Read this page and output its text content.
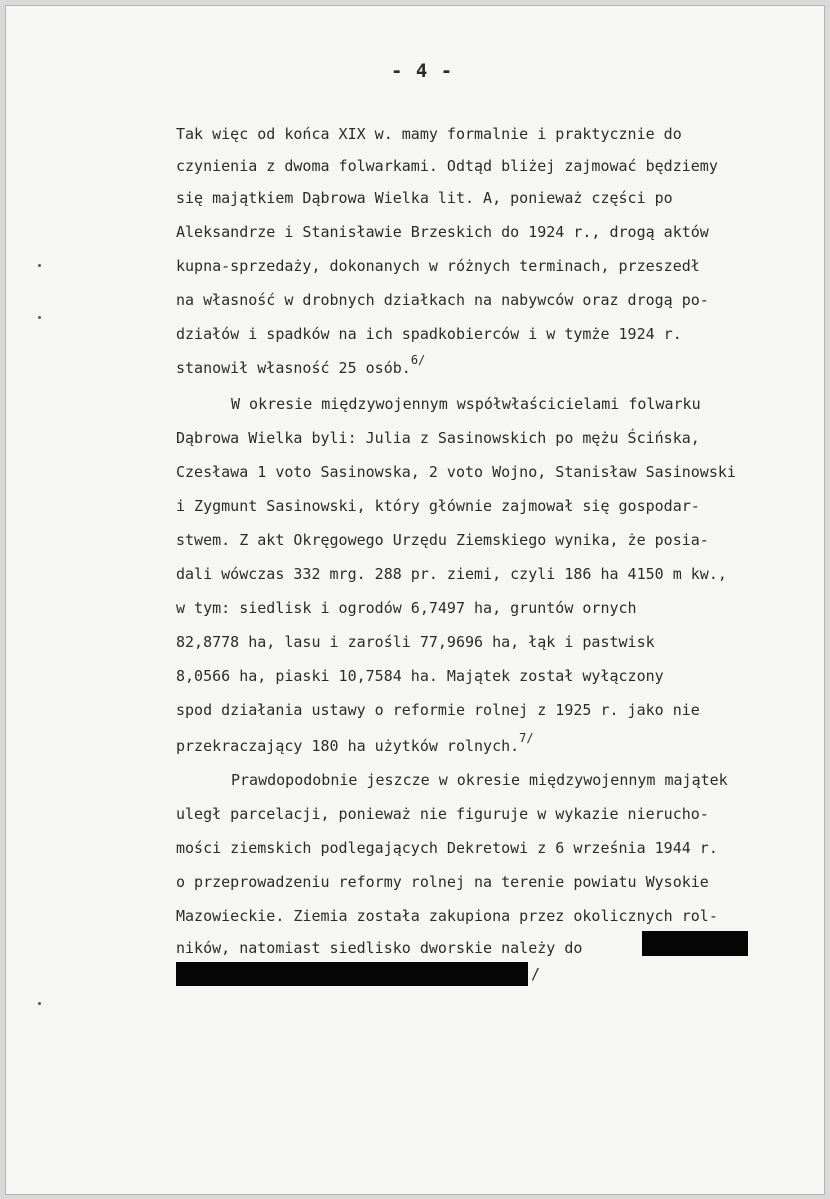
- 4 -
Tak więc od końca XIX w. mamy formalnie i praktycznie do
czynienia z dwoma folwarkami. Odtąd bliżej zajmować będziemy
się majątkiem Dąbrowa Wielka lit. A, ponieważ części po
Aleksandrze i Stanisławie Brzeskich do 1924 r., drogą aktów
kupna-sprzedaży, dokonanych w różnych terminach, przeszedł
na własność w drobnych działkach na nabywców oraz drogą po-
działów i spadków na ich spadkobierców i w tymże 1924 r.
stanowił własność 25 osób.$^{6/}$
W okresie międzywojennym współwłaścicielami folwarku
Dąbrowa Wielka byli: Julia z Sasinowskich po mężu Ścińska,
Czesława 1 voto Sasinowska, 2 voto Wojno, Stanisław Sasinowski
i Zygmunt Sasinowski, który głównie zajmował się gospodar-
stwem. Z akt Okręgowego Urzędu Ziemskiego wynika, że posia-
dali wówczas 332 mrg. 288 pr. ziemi, czyli 186 ha 4150 m kw.,
w tym: siedlisk i ogrodów 6,7497 ha, gruntów ornych
82,8778 ha, lasu i zarośli 77,9696 ha, łąk i pastwisk
8,0566 ha, piaski 10,7584 ha. Majątek został wyłączony
spod działania ustawy o reformie rolnej z 1925 r. jako nie
przekraczający 180 ha użytków rolnych.$^{7/}$
Prawdopodobnie jeszcze w okresie międzywojennym majątek
uległ parcelacji, ponieważ nie figuruje w wykazie nierucho-
mości ziemskich podlegających Dekretowi z 6 września 1944 r.
o przeprowadzeniu reformy rolnej na terenie powiatu Wysokie
Mazowieckie. Ziemia została zakupiona przez okolicznych rol-
ników, natomiast siedlisko dworskie należy do
/
